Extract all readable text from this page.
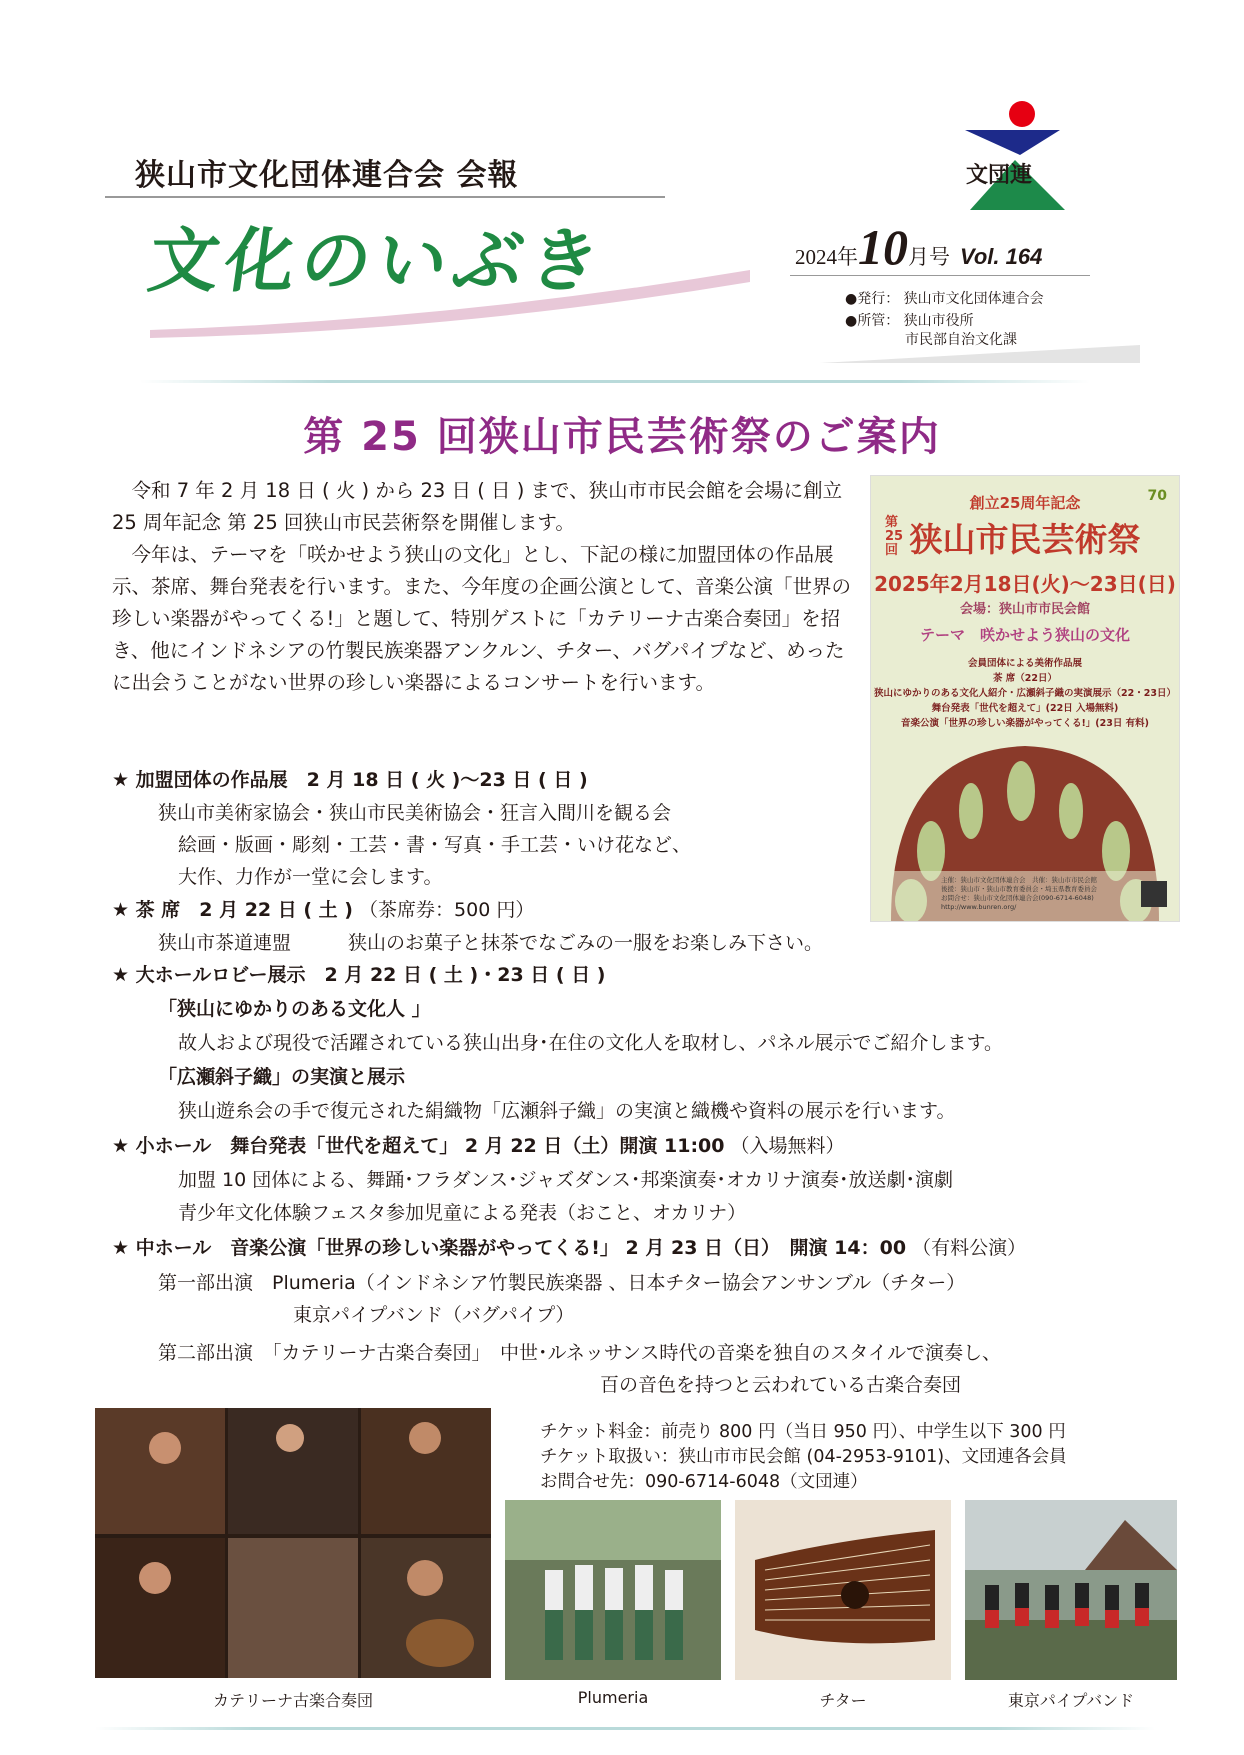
狭山市文化団体連合会 会報
文化のいぶき
文団連
2024年10月号 Vol. 164
●発行： 狭山市文化団体連合会
●所管： 狭山市役所
市民部自治文化課
第 25 回狭山市民芸術祭のご案内

令和 7 年 2 月 18 日 ( 火 ) から 23 日 ( 日 ) まで、狭山市市民会館を会場に創立 25 周年記念 第 25 回狭山市民芸術祭を開催します。

今年は、テーマを「咲かせよう狭山の文化」とし、下記の様に加盟団体の作品展示、茶席、舞台発表を行います。また、今年度の企画公演として、音楽公演「世界の珍しい楽器がやってくる!」と題して、特別ゲストに「カテリーナ古楽合奏団」を招き、他にインドネシアの竹製民族楽器アンクルン、チター、バグパイプなど、めったに出会うことがない世界の珍しい楽器によるコンサートを行います。

創立25周年記念	70
第25回 狭山市民芸術祭
2025年2月18日(火)～23日(日)
会場：狭山市市民会館
テーマ　咲かせよう狭山の文化
会員団体による美術作品展
茶 席（22日）
狭山にゆかりのある文化人紹介・広瀬斜子織の実演展示（22・23日）
舞台発表「世代を超えて」(22日 入場無料)
音楽公演「世界の珍しい楽器がやってくる!」(23日 有料)
主催：狭山市文化団体連合会　共催：狭山市市民会館
後援：狭山市・狭山市教育委員会・埼玉県教育委員会
お問合せ：狭山市文化団体連合会(090-6714-6048)
http://www.bunren.org/
★ 加盟団体の作品展　2 月 18 日 ( 火 )～23 日 ( 日 )
狭山市美術家協会・狭山市民美術協会・狂言入間川を観る会
絵画・版画・彫刻・工芸・書・写真・手工芸・いけ花など、
大作、力作が一堂に会します。
★ 茶 席　2 月 22 日 ( 土 ) （茶席券：500 円）
狭山市茶道連盟　　　狭山のお菓子と抹茶でなごみの一服をお楽しみ下さい。
★ 大ホールロビー展示　2 月 22 日 ( 土 )・23 日 ( 日 )
「狭山にゆかりのある文化人 」
故人および現役で活躍されている狭山出身･在住の文化人を取材し、パネル展示でご紹介します。
「広瀬斜子織」の実演と展示
狭山遊糸会の手で復元された絹織物「広瀬斜子織」の実演と織機や資料の展示を行います。
★ 小ホール　舞台発表「世代を超えて」 2 月 22 日（土）開演 11:00 （入場無料）
加盟 10 団体による、舞踊･フラダンス･ジャズダンス･邦楽演奏･オカリナ演奏･放送劇･演劇
青少年文化体験フェスタ参加児童による発表（おこと、オカリナ）
★ 中ホール　音楽公演「世界の珍しい楽器がやってくる!」 2 月 23 日（日）　開演 14：00 （有料公演）
第一部出演　Plumeria（インドネシア竹製民族楽器 、日本チター協会アンサンブル（チター）
東京パイプバンド（バグパイプ）
第二部出演　「カテリーナ古楽合奏団」　中世･ルネッサンス時代の音楽を独自のスタイルで演奏し、
百の音色を持つと云われている古楽合奏団
チケット料金：前売り 800 円（当日 950 円）、中学生以下 300 円
チケット取扱い：狭山市市民会館 (04-2953-9101)、文団連各会員
お問合せ先：090-6714-6048（文団連）
カテリーナ古楽合奏団	Plumeria	チター	東京パイプバンド
